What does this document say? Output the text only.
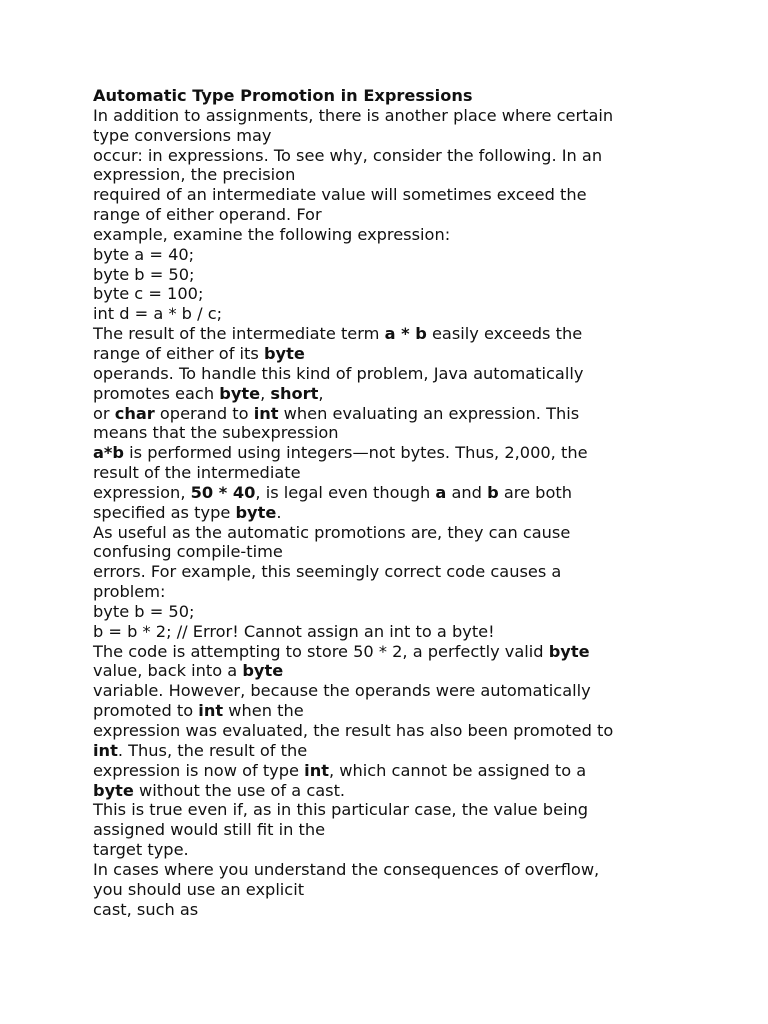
Automatic Type Promotion in Expressions
In addition to assignments, there is another place where certain
type conversions may
occur: in expressions. To see why, consider the following. In an
expression, the precision
required of an intermediate value will sometimes exceed the
range of either operand. For
example, examine the following expression:
byte a = 40;
byte b = 50;
byte c = 100;
int d = a * b / c;
The result of the intermediate term a * b easily exceeds the
range of either of its byte
operands. To handle this kind of problem, Java automatically
promotes each byte, short,
or char operand to int when evaluating an expression. This
means that the subexpression
a*b is performed using integers—not bytes. Thus, 2,000, the
result of the intermediate
expression, 50 * 40, is legal even though a and b are both
specified as type byte.
As useful as the automatic promotions are, they can cause
confusing compile-time
errors. For example, this seemingly correct code causes a
problem:
byte b = 50;
b = b * 2; // Error! Cannot assign an int to a byte!
The code is attempting to store 50 * 2, a perfectly valid byte
value, back into a byte
variable. However, because the operands were automatically
promoted to int when the
expression was evaluated, the result has also been promoted to
int. Thus, the result of the
expression is now of type int, which cannot be assigned to a
byte without the use of a cast.
This is true even if, as in this particular case, the value being
assigned would still fit in the
target type.
In cases where you understand the consequences of overflow,
you should use an explicit
cast, such as
